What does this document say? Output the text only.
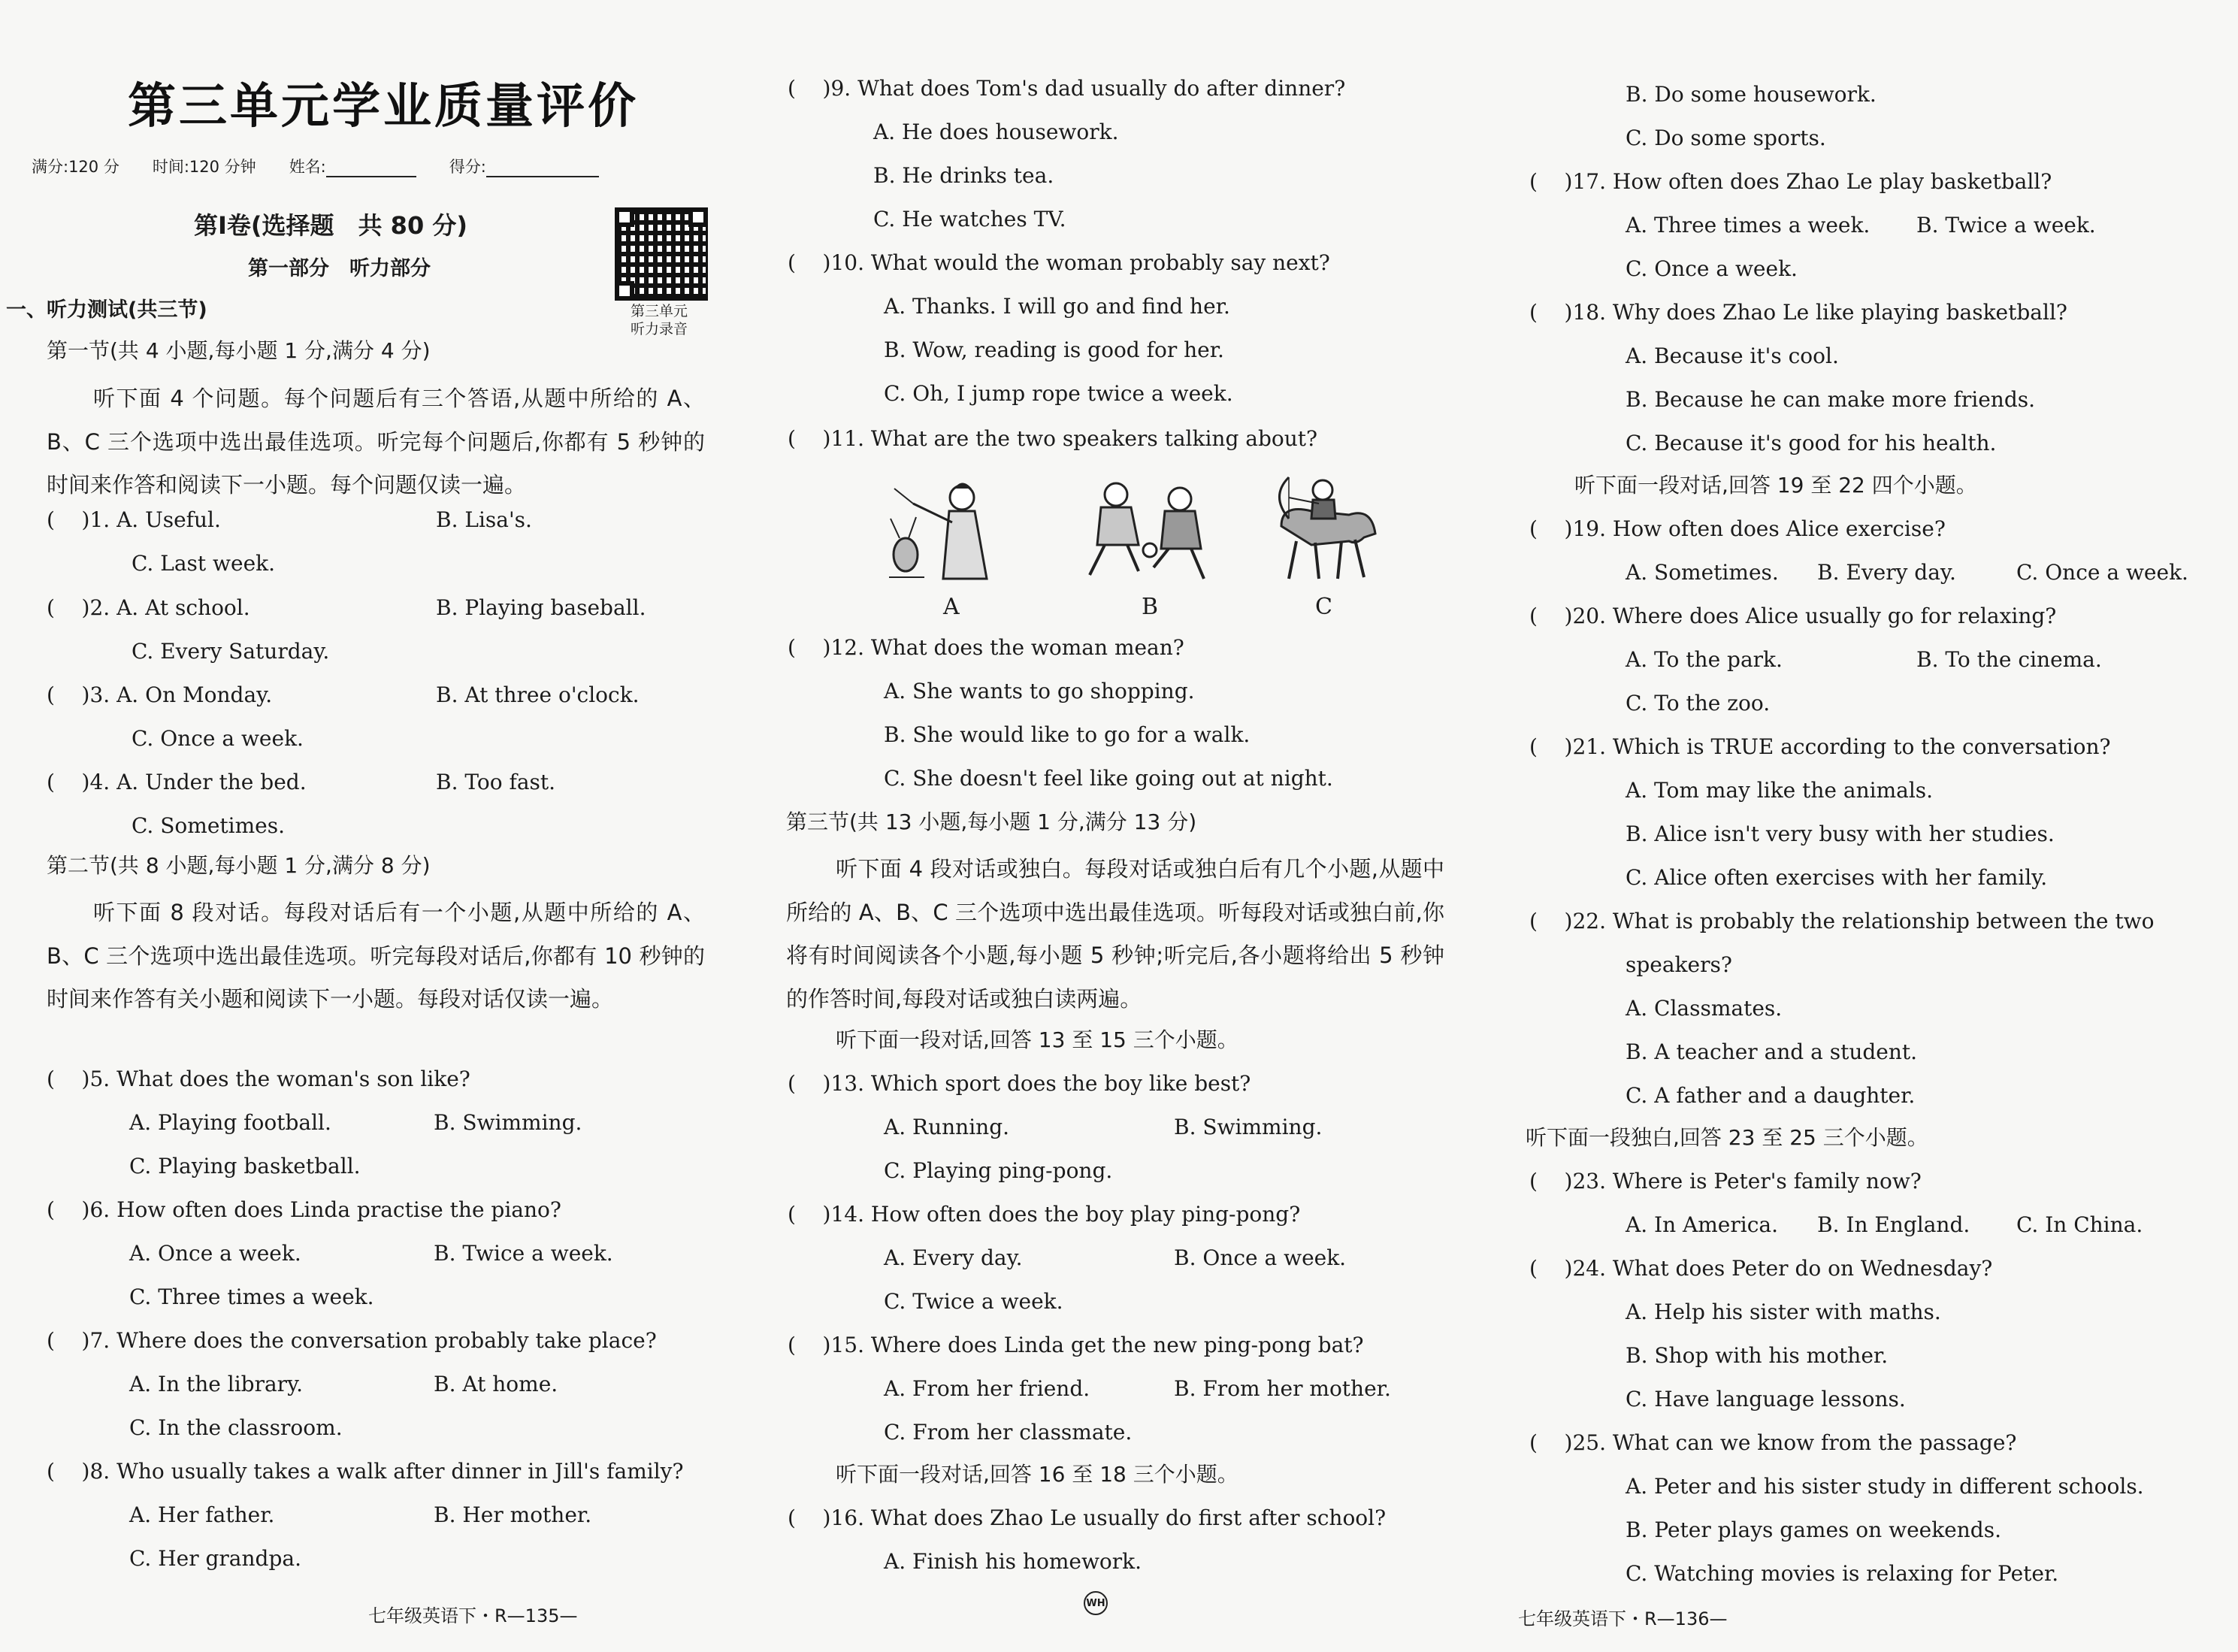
第三单元学业质量评价
满分:120 分 时间:120 分钟 姓名:	得分:
第Ⅰ卷(选择题　共 80 分)
第一部分　听力部分
第三单元
听力录音
一、听力测试(共三节)
第一节(共 4 小题,每小题 1 分,满分 4 分)
听下面 4 个问题。每个问题后有三个答语,从题中所给的 A、B、C 三个选项中选出最佳选项。听完每个问题后,你都有 5 秒钟的时间来作答和阅读下一小题。每个问题仅读一遍。
( )1. A. Useful.	B. Lisa's.
C. Last week.
( )2. A. At school.	B. Playing baseball.
C. Every Saturday.
( )3. A. On Monday.	B. At three o'clock.
C. Once a week.
( )4. A. Under the bed.	B. Too fast.
C. Sometimes.
第二节(共 8 小题,每小题 1 分,满分 8 分)
听下面 8 段对话。每段对话后有一个小题,从题中所给的 A、B、C 三个选项中选出最佳选项。听完每段对话后,你都有 10 秒钟的时间来作答有关小题和阅读下一小题。每段对话仅读一遍。
( )5. What does the woman's son like?
A. Playing football.	B. Swimming.
C. Playing basketball.
( )6. How often does Linda practise the piano?
A. Once a week.	B. Twice a week.
C. Three times a week.
( )7. Where does the conversation probably take place?
A. In the library.	B. At home.
C. In the classroom.
( )8. Who usually takes a walk after dinner in Jill's family?
A. Her father.	B. Her mother.
C. Her grandpa.
七年级英语下・R—135—
( )9. What does Tom's dad usually do after dinner?
A. He does housework.
B. He drinks tea.
C. He watches TV.
( )10. What would the woman probably say next?
A. Thanks. I will go and find her.
B. Wow, reading is good for her.
C. Oh, I jump rope twice a week.
( )11. What are the two speakers talking about?
A	B	C
( )12. What does the woman mean?
A. She wants to go shopping.
B. She would like to go for a walk.
C. She doesn't feel like going out at night.
第三节(共 13 小题,每小题 1 分,满分 13 分)
听下面 4 段对话或独白。每段对话或独白后有几个小题,从题中所给的 A、B、C 三个选项中选出最佳选项。听每段对话或独白前,你将有时间阅读各个小题,每小题 5 秒钟;听完后,各小题将给出 5 秒钟的作答时间,每段对话或独白读两遍。
听下面一段对话,回答 13 至 15 三个小题。
( )13. Which sport does the boy like best?
A. Running.	B. Swimming.
C. Playing ping-pong.
( )14. How often does the boy play ping-pong?
A. Every day.	B. Once a week.
C. Twice a week.
( )15. Where does Linda get the new ping-pong bat?
A. From her friend.	B. From her mother.
C. From her classmate.
听下面一段对话,回答 16 至 18 三个小题。
( )16. What does Zhao Le usually do first after school?
A. Finish his homework.
WH
B. Do some housework.
C. Do some sports.
( )17. How often does Zhao Le play basketball?
A. Three times a week. B. Twice a week.
C. Once a week.
( )18. Why does Zhao Le like playing basketball?
A. Because it's cool.
B. Because he can make more friends.
C. Because it's good for his health.
听下面一段对话,回答 19 至 22 四个小题。
( )19. How often does Alice exercise?
A. Sometimes. B. Every day.	C. Once a week.
( )20. Where does Alice usually go for relaxing?
A. To the park.	B. To the cinema.
C. To the zoo.
( )21. Which is TRUE according to the conversation?
A. Tom may like the animals.
B. Alice isn't very busy with her studies.
C. Alice often exercises with her family.
( )22. What is probably the relationship between the two
speakers?
A. Classmates.
B. A teacher and a student.
C. A father and a daughter.
听下面一段独白,回答 23 至 25 三个小题。
( )23. Where is Peter's family now?
A. In America. B. In England. C. In China.
( )24. What does Peter do on Wednesday?
A. Help his sister with maths.
B. Shop with his mother.
C. Have language lessons.
( )25. What can we know from the passage?
A. Peter and his sister study in different schools.
B. Peter plays games on weekends.
C. Watching movies is relaxing for Peter.
七年级英语下・R—136—
